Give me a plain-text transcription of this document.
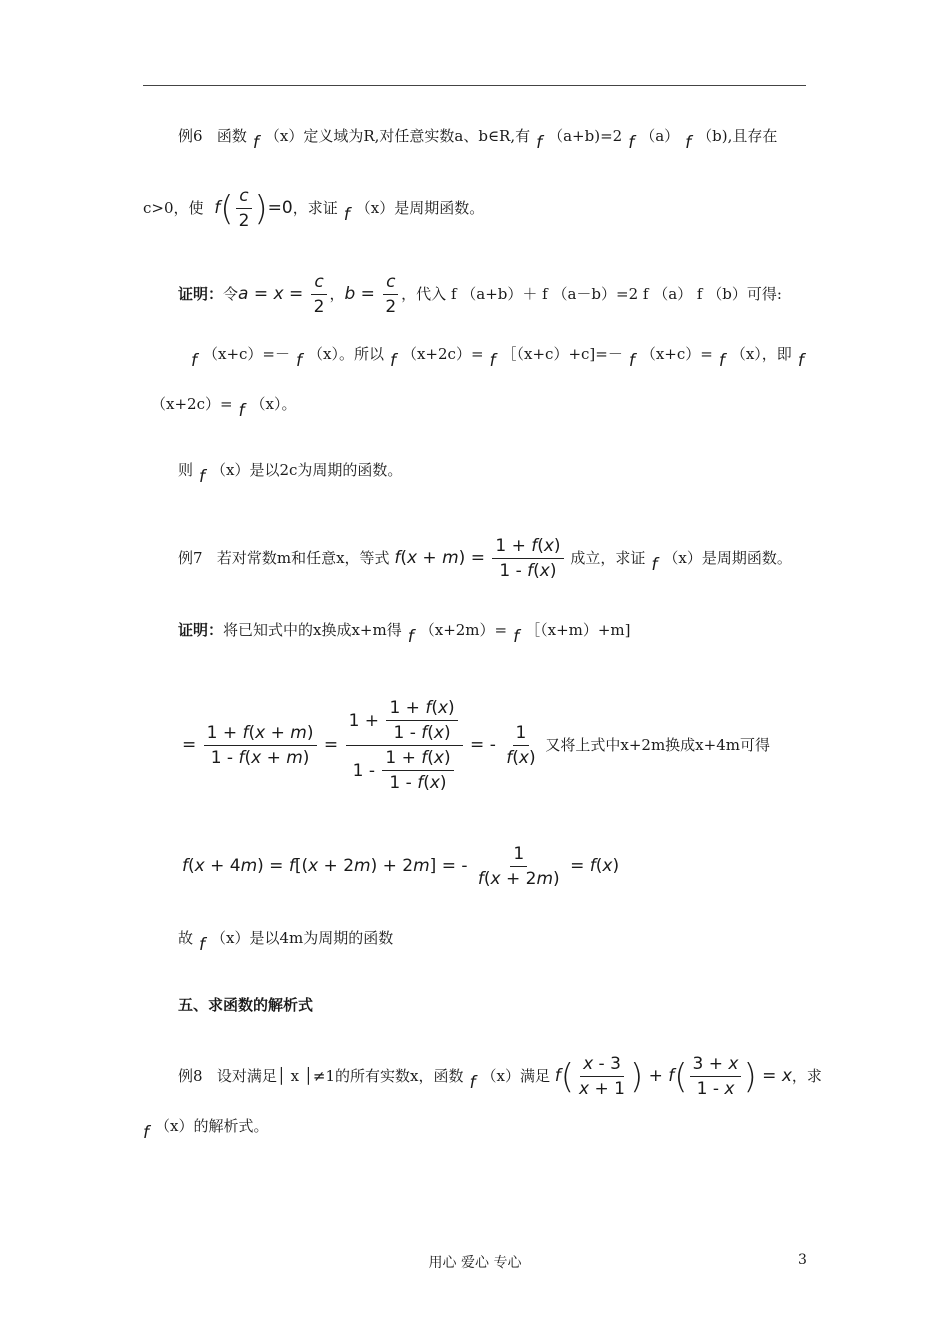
例6 函数 f （x）定义域为R,对任意实数a、b∈R,有 f （a+b)=2 f （a） f （b),且存在
c>0，使 $f( \frac{c}{2} )=0$，求证 f （x）是周期函数。
证明：令$a = x = \frac{c}{2}$ ，$b = \frac{c}{2}$ ，代入 f （a+b）＋ f （a－b）=2 f （a） f （b）可得:
f （x+c）=－ f （x）。所以 f （x+2c）= f ［（x+c）+c]=－ f （x+c）= f （x），即 f
（x+2c）= f （x）。
则 f （x）是以2c为周期的函数。
例7 若对常数m和任意x，等式 $f(x + m) = \frac{1 + f(x)}{1 - f(x)}$ 成立，求证 f （x）是周期函数。
证明：将已知式中的x换成x+m得 f （x+2m）= f ［（x+m）+m]
= $\frac{1 + f(x + m)}{1 - f(x + m)} = \frac{1 + \frac{1 + f(x)}{1 - f(x)}}{1 - \frac{1 + f(x)}{1 - f(x)}}$ = - $\frac{1}{f(x)}$ 又将上式中x+2m换成x+4m可得
f(x + 4m) = f[(x + 2m) + 2m] = - $\frac{1}{f(x + 2m)} = f(x)$
故 f （x）是以4m为周期的函数
五、求函数的解析式
例8 设对满足│ x │≠1的所有实数x，函数 f （x）满足 $f( \frac{x - 3}{x + 1}$ ) + $f( \frac{3 + x}{1 - x}$ ) = x，求
f （x）的解析式。
用心 爱心 专心	3
